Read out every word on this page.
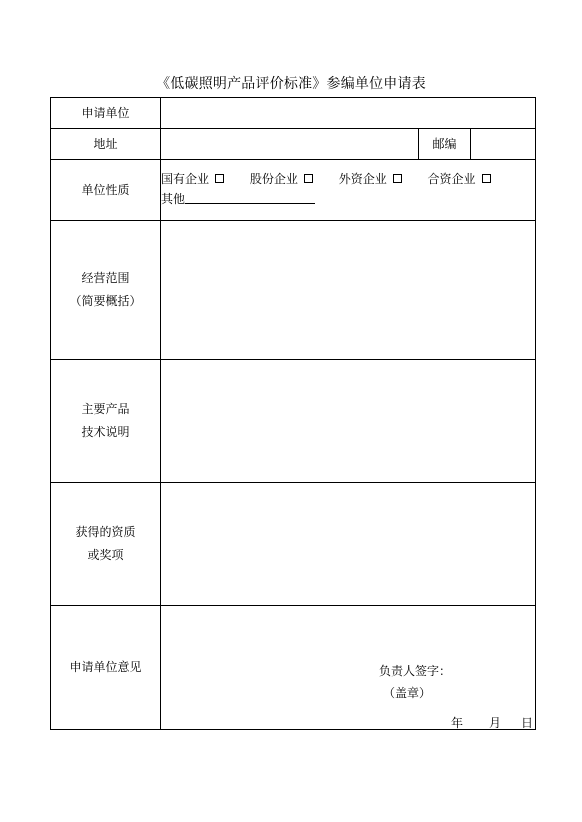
《低碳照明产品评价标准》参编单位申请表
申请单位			
地址		邮编	
单位性质	国有企业 股份企业 外资企业 合资企业
其他		

经营范围
（简要概括）			

主要产品
技术说明			

获得的资质
或奖项			

申请单位意见	负责人签字：
（盖章）
年 月 日		
